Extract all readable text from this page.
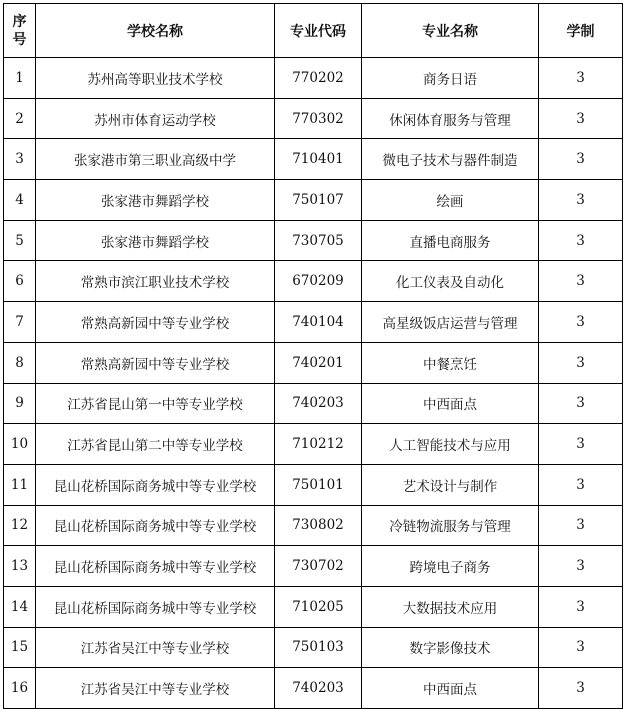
序
号	学校名称	专业代码	专业名称	学制
1	苏州高等职业技术学校	770202	商务日语	3
2	苏州市体育运动学校	770302	休闲体育服务与管理	3
3	张家港市第三职业高级中学	710401	微电子技术与器件制造	3
4	张家港市舞蹈学校	750107	绘画	3
5	张家港市舞蹈学校	730705	直播电商服务	3
6	常熟市滨江职业技术学校	670209	化工仪表及自动化	3
7	常熟高新园中等专业学校	740104	高星级饭店运营与管理	3
8	常熟高新园中等专业学校	740201	中餐烹饪	3
9	江苏省昆山第一中等专业学校	740203	中西面点	3
10	江苏省昆山第二中等专业学校	710212	人工智能技术与应用	3
11	昆山花桥国际商务城中等专业学校	750101	艺术设计与制作	3
12	昆山花桥国际商务城中等专业学校	730802	冷链物流服务与管理	3
13	昆山花桥国际商务城中等专业学校	730702	跨境电子商务	3
14	昆山花桥国际商务城中等专业学校	710205	大数据技术应用	3
15	江苏省吴江中等专业学校	750103	数字影像技术	3
16	江苏省吴江中等专业学校	740203	中西面点	3
